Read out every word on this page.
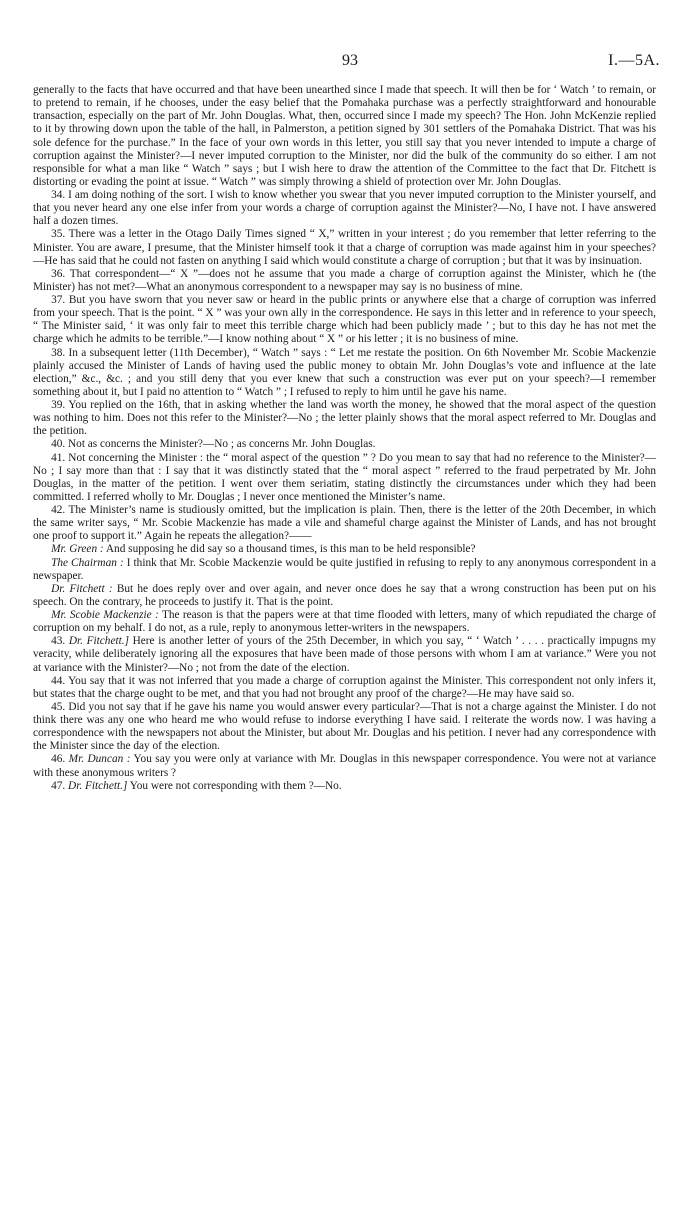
93	I.—5A.

generally to the facts that have occurred and that have been unearthed since I made that speech. It will then be for ‘ Watch ’ to remain, or to pretend to remain, if he chooses, under the easy belief that the Pomahaka purchase was a perfectly straightforward and honourable transaction, especially on the part of Mr. John Douglas. What, then, occurred since I made my speech? The Hon. John McKenzie replied to it by throwing down upon the table of the hall, in Palmerston, a petition signed by 301 settlers of the Pomahaka District. That was his sole defence for the purchase.” In the face of your own words in this letter, you still say that you never intended to impute a charge of corruption against the Minister?—I never imputed corruption to the Minister, nor did the bulk of the community do so either. I am not responsible for what a man like “ Watch ” says ; but I wish here to draw the attention of the Committee to the fact that Dr. Fitchett is distorting or evading the point at issue. “ Watch ” was simply throwing a shield of protection over Mr. John Douglas.

34. I am doing nothing of the sort. I wish to know whether you swear that you never imputed corruption to the Minister yourself, and that you never heard any one else infer from your words a charge of corruption against the Minister?—No, I have not. I have answered half a dozen times.

35. There was a letter in the Otago Daily Times signed “ X,” written in your interest ; do you remember that letter referring to the Minister. You are aware, I presume, that the Minister himself took it that a charge of corruption was made against him in your speeches?—He has said that he could not fasten on anything I said which would constitute a charge of corruption ; but that it was by insinuation.

36. That correspondent—“ X ”—does not he assume that you made a charge of corruption against the Minister, which he (the Minister) has not met?—What an anonymous correspondent to a newspaper may say is no business of mine.

37. But you have sworn that you never saw or heard in the public prints or anywhere else that a charge of corruption was inferred from your speech. That is the point. “ X ” was your own ally in the correspondence. He says in this letter and in reference to your speech, “ The Minister said, ‘ it was only fair to meet this terrible charge which had been publicly made ’ ; but to this day he has not met the charge which he admits to be terrible.”—I know nothing about “ X ” or his letter ; it is no business of mine.

38. In a subsequent letter (11th December), “ Watch ” says : “ Let me restate the position. On 6th November Mr. Scobie Mackenzie plainly accused the Minister of Lands of having used the public money to obtain Mr. John Douglas’s vote and influence at the late election,” &c., &c. ; and you still deny that you ever knew that such a construction was ever put on your speech?—I remember something about it, but I paid no attention to “ Watch ” ; I refused to reply to him until he gave his name.

39. You replied on the 16th, that in asking whether the land was worth the money, he showed that the moral aspect of the question was nothing to him. Does not this refer to the Minister?—No ; the letter plainly shows that the moral aspect referred to Mr. Douglas and the petition.

40. Not as concerns the Minister?—No ; as concerns Mr. John Douglas.

41. Not concerning the Minister : the “ moral aspect of the question ” ? Do you mean to say that had no reference to the Minister?—No ; I say more than that : I say that it was distinctly stated that the “ moral aspect ” referred to the fraud perpetrated by Mr. John Douglas, in the matter of the petition. I went over them seriatim, stating distinctly the circumstances under which they had been committed. I referred wholly to Mr. Douglas ; I never once mentioned the Minister’s name.

42. The Minister’s name is studiously omitted, but the implication is plain. Then, there is the letter of the 20th December, in which the same writer says, “ Mr. Scobie Mackenzie has made a vile and shameful charge against the Minister of Lands, and has not brought one proof to support it.” Again he repeats the allegation?——

Mr. Green : And supposing he did say so a thousand times, is this man to be held responsible?

The Chairman : I think that Mr. Scobie Mackenzie would be quite justified in refusing to reply to any anonymous correspondent in a newspaper.

Dr. Fitchett : But he does reply over and over again, and never once does he say that a wrong construction has been put on his speech. On the contrary, he proceeds to justify it. That is the point.

Mr. Scobie Mackenzie : The reason is that the papers were at that time flooded with letters, many of which repudiated the charge of corruption on my behalf. I do not, as a rule, reply to anonymous letter-writers in the newspapers.

43. Dr. Fitchett.] Here is another letter of yours of the 25th December, in which you say, “ ‘ Watch ’ . . . . practically impugns my veracity, while deliberately ignoring all the exposures that have been made of those persons with whom I am at variance.” Were you not at variance with the Minister?—No ; not from the date of the election.

44. You say that it was not inferred that you made a charge of corruption against the Minister. This correspondent not only infers it, but states that the charge ought to be met, and that you had not brought any proof of the charge?—He may have said so.

45. Did you not say that if he gave his name you would answer every particular?—That is not a charge against the Minister. I do not think there was any one who heard me who would refuse to indorse everything I have said. I reiterate the words now. I was having a correspondence with the newspapers not about the Minister, but about Mr. Douglas and his petition. I never had any correspondence with the Minister since the day of the election.

46. Mr. Duncan : You say you were only at variance with Mr. Douglas in this newspaper correspondence. You were not at variance with these anonymous writers ?

47. Dr. Fitchett.] You were not corresponding with them ?—No.
